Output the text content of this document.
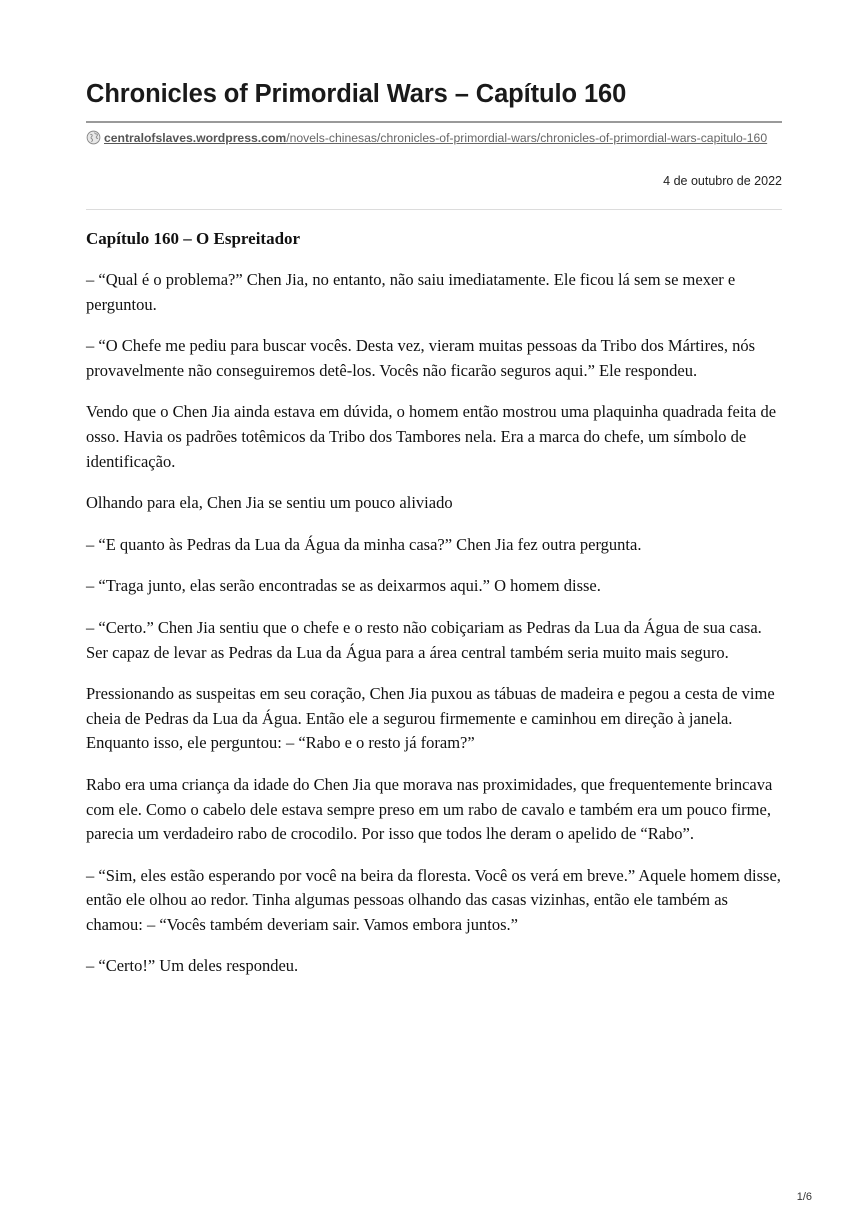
Chronicles of Primordial Wars – Capítulo 160
centralofslaves.wordpress.com/novels-chinesas/chronicles-of-primordial-wars/chronicles-of-primordial-wars-capitulo-160
4 de outubro de 2022
Capítulo 160 – O Espreitador

– “Qual é o problema?” Chen Jia, no entanto, não saiu imediatamente. Ele ficou lá sem se mexer e perguntou.

– “O Chefe me pediu para buscar vocês. Desta vez, vieram muitas pessoas da Tribo dos Mártires, nós provavelmente não conseguiremos detê-los. Vocês não ficarão seguros aqui.” Ele respondeu.

Vendo que o Chen Jia ainda estava em dúvida, o homem então mostrou uma plaquinha quadrada feita de osso. Havia os padrões totêmicos da Tribo dos Tambores nela. Era a marca do chefe, um símbolo de identificação.

Olhando para ela, Chen Jia se sentiu um pouco aliviado

– “E quanto às Pedras da Lua da Água da minha casa?” Chen Jia fez outra pergunta.

– “Traga junto, elas serão encontradas se as deixarmos aqui.” O homem disse.

– “Certo.” Chen Jia sentiu que o chefe e o resto não cobiçariam as Pedras da Lua da Água de sua casa. Ser capaz de levar as Pedras da Lua da Água para a área central também seria muito mais seguro.

Pressionando as suspeitas em seu coração, Chen Jia puxou as tábuas de madeira e pegou a cesta de vime cheia de Pedras da Lua da Água. Então ele a segurou firmemente e caminhou em direção à janela. Enquanto isso, ele perguntou: – “Rabo e o resto já foram?”

Rabo era uma criança da idade do Chen Jia que morava nas proximidades, que frequentemente brincava com ele. Como o cabelo dele estava sempre preso em um rabo de cavalo e também era um pouco firme, parecia um verdadeiro rabo de crocodilo. Por isso que todos lhe deram o apelido de “Rabo”.

– “Sim, eles estão esperando por você na beira da floresta. Você os verá em breve.” Aquele homem disse, então ele olhou ao redor. Tinha algumas pessoas olhando das casas vizinhas, então ele também as chamou: – “Vocês também deveriam sair. Vamos embora juntos.”

– “Certo!” Um deles respondeu.

1/6
